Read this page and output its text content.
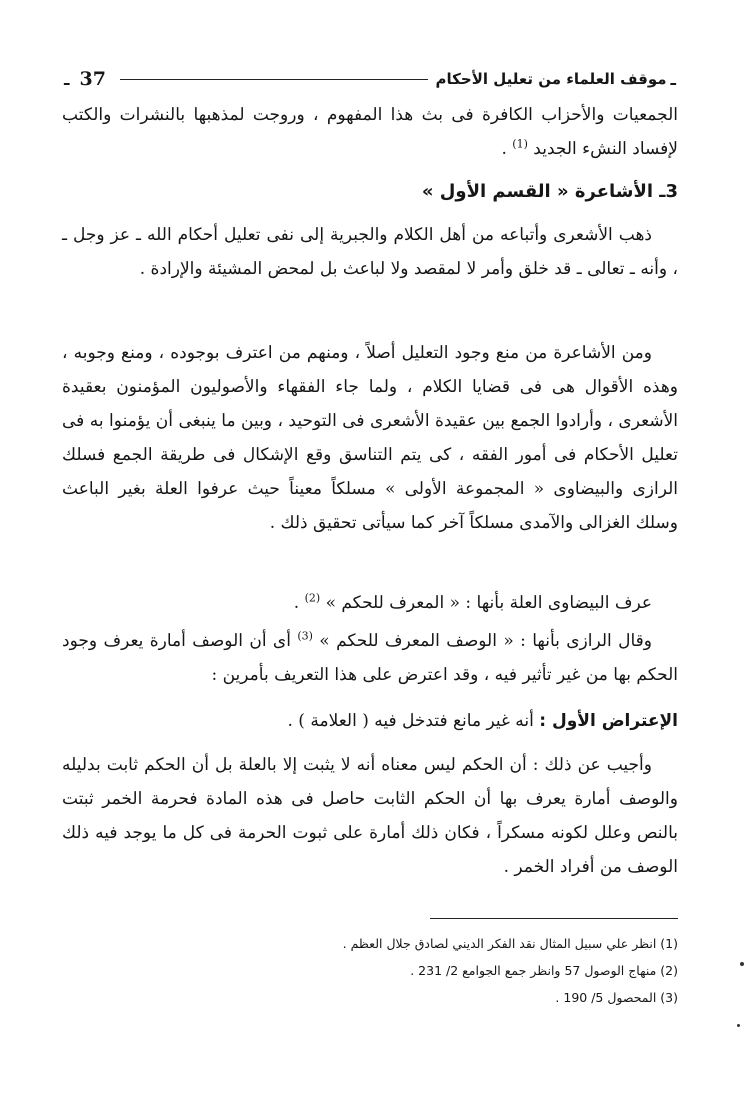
ـ
موقف العلماء من تعليل الأحكام
37
ـ

الجمعيات والأحزاب الكافرة فى بث هذا المفهوم ، وروجت لمذهبها بالنشرات والكتب لإفساد النشء الجديد $^{(1)}$ .

3ـ الأشاعرة « القسم الأول »

ذهب الأشعرى وأتباعه من أهل الكلام والجبرية إلى نفى تعليل أحكام الله ـ عز وجل ـ ، وأنه ـ تعالى ـ قد خلق وأمر لا لمقصد ولا لباعث بل لمحض المشيئة والإرادة .

ومن الأشاعرة من منع وجود التعليل أصلاً ، ومنهم من اعترف بوجوده ، ومنع وجوبه ، وهذه الأقوال هى فى قضايا الكلام ، ولما جاء الفقهاء والأصوليون المؤمنون بعقيدة الأشعرى ، وأرادوا الجمع بين عقيدة الأشعرى فى التوحيد ، وبين ما ينبغى أن يؤمنوا به فى تعليل الأحكام فى أمور الفقه ، كى يتم التناسق وقع الإشكال فى طريقة الجمع فسلك الرازى والبيضاوى « المجموعة الأولى » مسلكاً معيناً حيث عرفوا العلة بغير الباعث وسلك الغزالى والآمدى مسلكاً آخر كما سيأتى تحقيق ذلك .

عرف البيضاوى العلة بأنها : « المعرف للحكم » $^{(2)}$ .

وقال الرازى بأنها : « الوصف المعرف للحكم » $^{(3)}$ أى أن الوصف أمارة يعرف وجود الحكم بها من غير تأثير فيه ، وقد اعترض على هذا التعريف بأمرين :

الإعتراض الأول : أنه غير مانع فتدخل فيه ( العلامة ) .

وأجيب عن ذلك : أن الحكم ليس معناه أنه لا يثبت إلا بالعلة بل أن الحكم ثابت بدليله والوصف أمارة يعرف بها أن الحكم الثابت حاصل فى هذه المادة فحرمة الخمر ثبتت بالنص وعلل لكونه مسكراً ، فكان ذلك أمارة على ثبوت الحرمة فى كل ما يوجد فيه ذلك الوصف من أفراد الخمر .

(1) انظر علي سبيل المثال نقد الفكر الديني لصادق جلال العظم .
(2) منهاج الوصول 57 وانظر جمع الجوامع 2/ 231 .
(3) المحصول 5/ 190 .
